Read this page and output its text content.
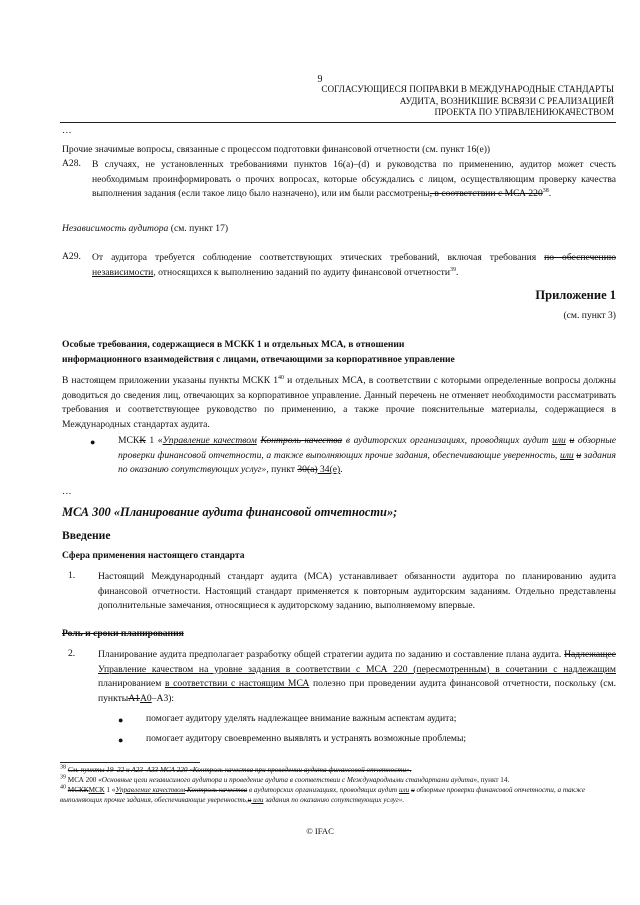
9
СОГЛАСУЮЩИЕСЯ ПОПРАВКИ В МЕЖДУНАРОДНЫЕ СТАНДАРТЫ
АУДИТА, ВОЗНИКШИЕ ВСВЯЗИ С РЕАЛИЗАЦИЕЙ
ПРОЕКТА ПО УПРАВЛЕНИЮКАЧЕСТВОМ
…
Прочие значимые вопросы, связанные с процессом подготовки финансовой отчетности (см. пункт 16(е))
A28. В случаях, не установленных требованиями пунктов 16(a)–(d) и руководства по применению, аудитор может счесть необходимым проинформировать о прочих вопросах, которые обсуждались с лицом, осуществляющим проверку качества выполнения задания (если такое лицо было назначено), или им были рассмотрены, в соответствии с МСА $220^{38}$.
Независимость аудитора (см. пункт 17)
A29. От аудитора требуется соблюдение соответствующих этических требований, включая требования по обеспечению независимости, относящихся к выполнению заданий по аудиту финансовой отчетности$^{39}$.
Приложение 1
(см. пункт 3)
Особые требования, содержащиеся в МСКК 1 и отдельных МСА, в отношении информационного взаимодействия с лицами, отвечающими за корпоративное управление
В настоящем приложении указаны пункты МСКК $1^{40}$ и отдельных МСА, в соответствии с которыми определенные вопросы должны доводиться до сведения лиц, отвечающих за корпоративное управление. Данный перечень не отменяет необходимости рассматривать требования и соответствующее руководство по применению, а также прочие пояснительные материалы, содержащиеся в Международных стандартах аудита.
● МСКК 1 «Управление качеством Контроль качества в аудиторских организациях, проводящих аудит или и обзорные проверки финансовой отчетности, а также выполняющих прочие задания, обеспечивающие уверенность, или и задания по оказанию сопутствующих услуг», пункт 30(a) 34(e).
…
МСА 300 «Планирование аудита финансовой отчетности»;
Введение
Сфера применения настоящего стандарта
1. Настоящий Международный стандарт аудита (МСА) устанавливает обязанности аудитора по планированию аудита финансовой отчетности. Настоящий стандарт применяется к повторным аудиторским заданиям. Отдельно представлены дополнительные замечания, относящиеся к аудиторскому заданию, выполняемому впервые.
Роль и сроки планирования
2. Планирование аудита предполагает разработку общей стратегии аудита по заданию и составление плана аудита. Надлежащее Управление качеством на уровне задания в соответствии с МСА 220 (пересмотренным) в сочетании с надлежащим планированием в соответствии с настоящим МСА полезно при проведении аудита финансовой отчетности, поскольку (см. пунктыA1A0–A3):
● помогает аудитору уделять надлежащее внимание важным аспектам аудита;
● помогает аудитору своевременно выявлять и устранять возможные проблемы;
$^{38}$ См. пункты 19–22 и A23–A33 МСА 220 «Контроль качества при проведении аудита финансовой отчетности».
$^{39}$ МСА 200 «Основные цели независимого аудитора и проведение аудита в соответствии с Международными стандартами аудита», пункт 14.
$^{40}$ МСККМСК 1 «Управление качеством Контроль качества в аудиторских организациях, проводящих аудит или и обзорные проверки финансовой отчетности, а также выполняющих прочие задания, обеспечивающие уверенность,и или задания по оказанию сопутствующих услуг».
© IFAC
